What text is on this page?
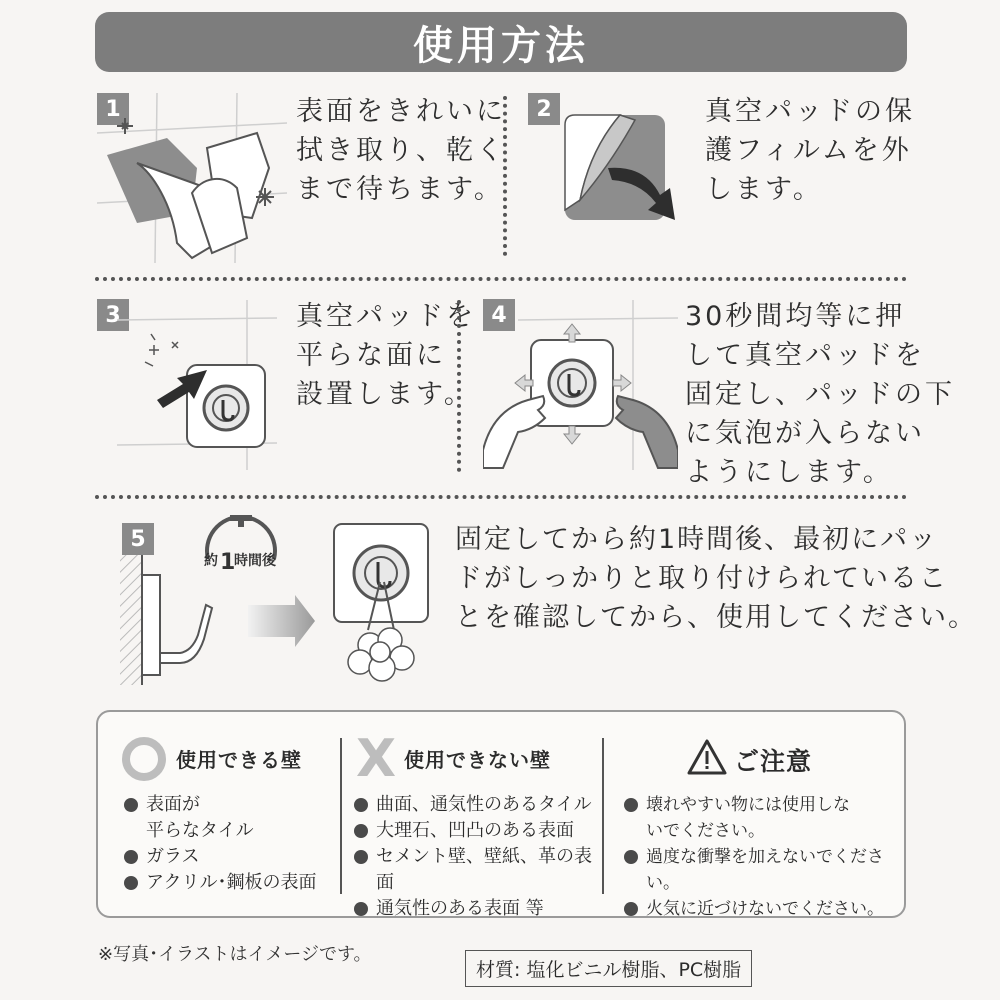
使用方法
1	表面をきれいに
拭き取り、乾く
まで待ちます。
2	真空パッドの保
護フィルムを外
します。
3	真空パッドを
平らな面に
設置します。
4	30秒間均等に押
して真空パッドを
固定し、パッドの下
に気泡が入らない
ようにします。
5
約 1
時間後
固定してから約1時間後、最初にパッ
ドがしっかりと取り付けられているこ
とを確認してから、使用してください。
使用できる壁
表面が
平らなタイル
ガラス
アクリル･鋼板の表面
X 使用できない壁
曲面、通気性のあるタイル
大理石、凹凸のある表面
セメント壁、壁紙、革の表面
通気性のある表面 等
ご注意
壊れやすい物には使用しな
いでください。
過度な衝撃を加えないでください。
火気に近づけないでください。
※写真･イラストはイメージです。
材質: 塩化ビニル樹脂、PC樹脂
